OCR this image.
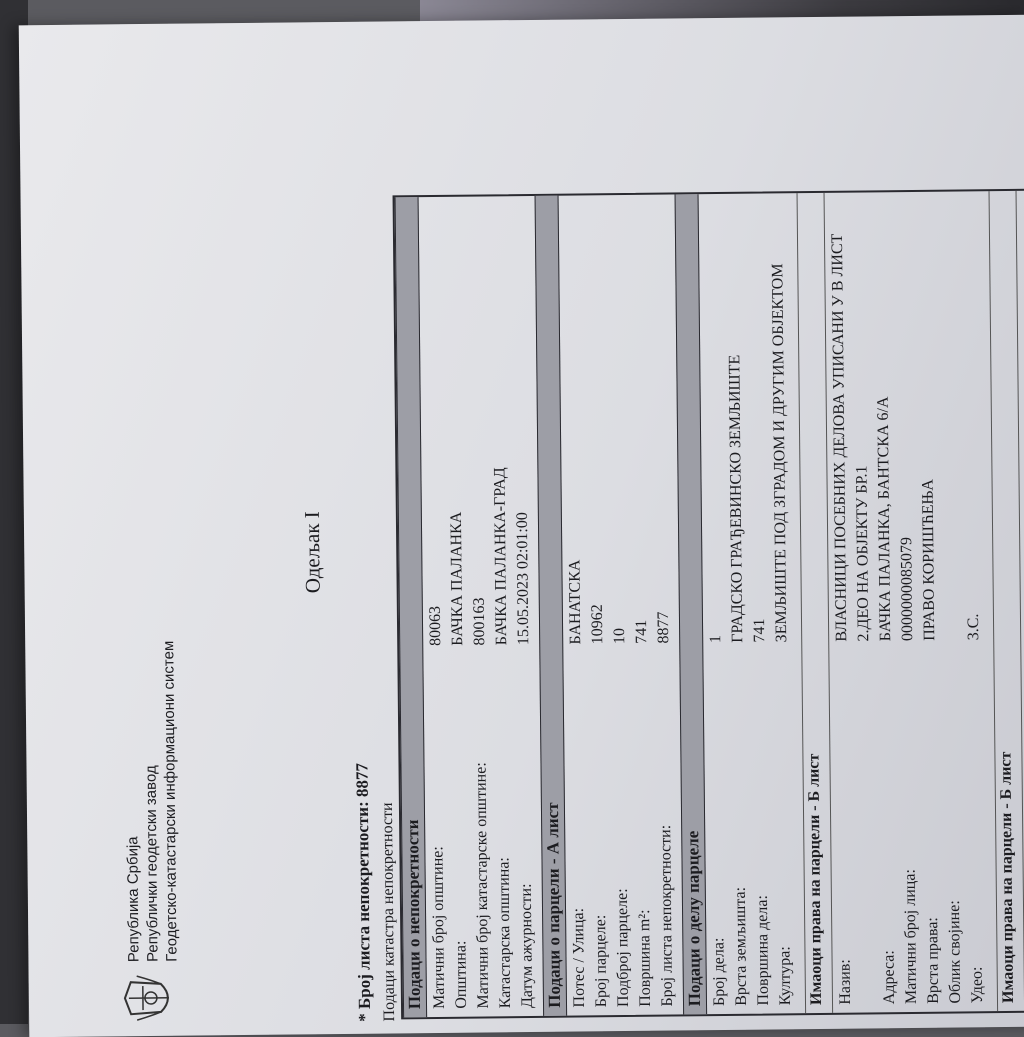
Република Србија Републички геодетски завод
Геодетско-катастарски информациони систем
Одељак I
* Број листа непокретности: 8877 Подаци катастра непокретности Подаци о непокретности Матични број општине:
80063
Општина:
БАЧКА ПАЛАНКА
Матични број катастарске општине:
800163
Катастарска општина:
БАЧКА ПАЛАНКА-ГРАД
Датум ажурности:
15.05.2023 02:01:00
Подаци о парцели - А лист Потес / Улица:
БАНАТСКА
Број парцеле:
10962
Подброј парцеле:
10
Површина m²:
741
Број листа непокретности:
8877
Подаци о делу парцеле Број дела:
1
Врста земљишта:
ГРАДСКО ГРАЂЕВИНСКО ЗЕМЉИШТЕ
Површина дела:
741
Култура:
ЗЕМЉИШТЕ ПОД ЗГРАДОМ И ДРУГИМ ОБЈЕКТОМ
Имаоци права на парцели - Б лист Назив:
ВЛАСНИЦИ ПОСЕБНИХ ДЕЛОВА УПИСАНИ У В ЛИСТ 2.ДЕО НА ОБЈЕКТУ БР.1
Адреса:
БАЧКА ПАЛАНКА, БАНТСКА 6/А
Матични број лица:
0000000085079
Врста права:
ПРАВО КОРИШЋЕЊА
Облик својине: Удео:
3.С.
Имаоци права на парцели - Б лист
